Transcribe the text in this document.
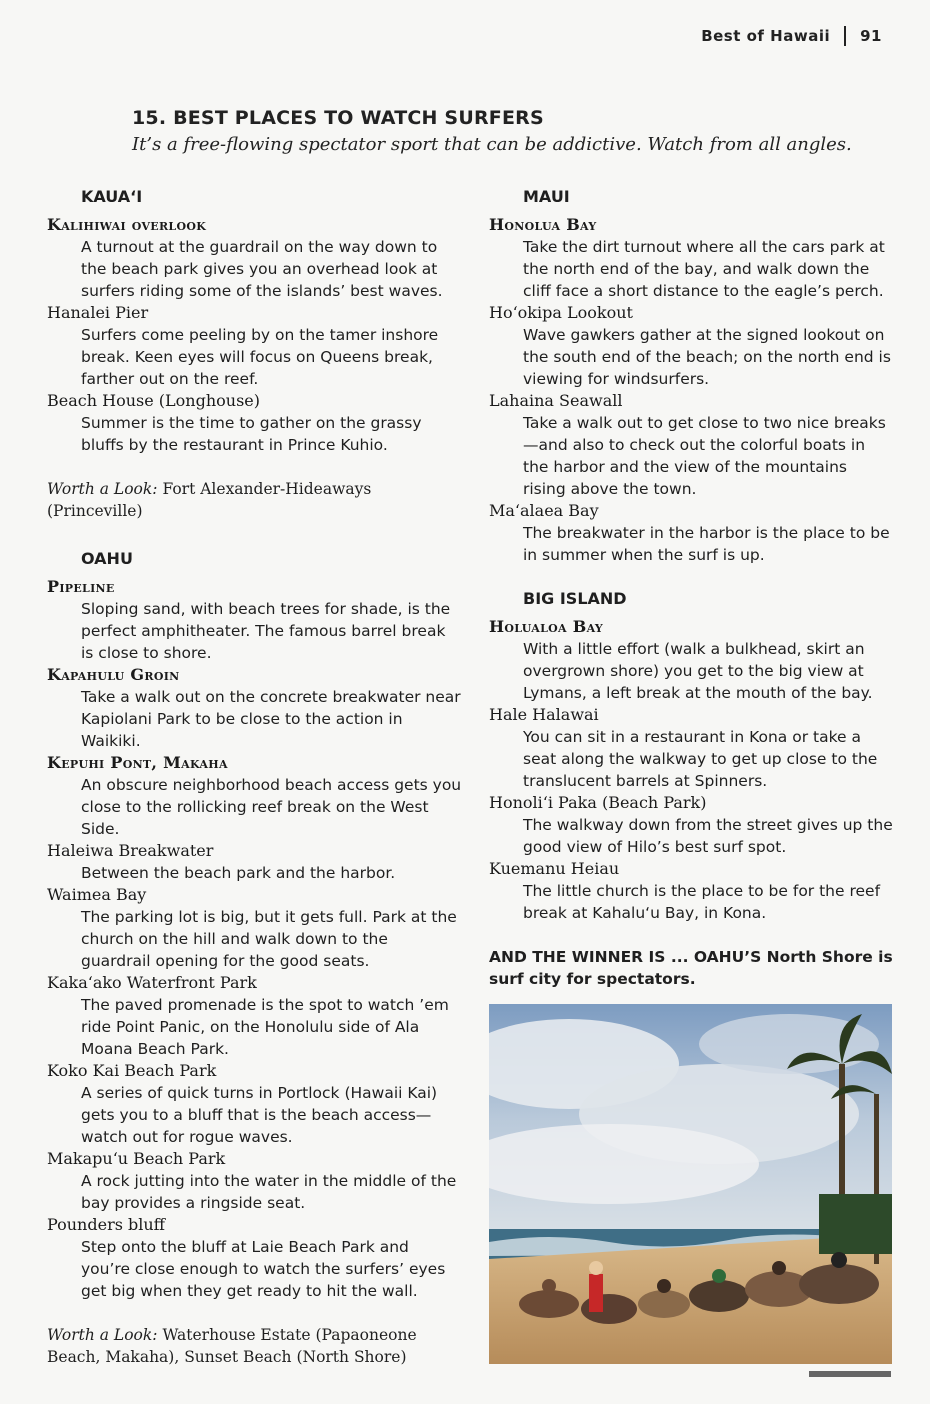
Best of Hawaii 91
15. BEST PLACES TO WATCH SURFERS
It’s a free-flowing spectator sport that can be addictive. Watch from all angles.
KAUA‘I
Kalihiwai overlook
A turnout at the guardrail on the way down to the beach park gives you an overhead look at surfers riding some of the islands’ best waves.
Hanalei Pier
Surfers come peeling by on the tamer inshore break. Keen eyes will focus on Queens break, farther out on the reef.
Beach House (Longhouse)
Summer is the time to gather on the grassy bluffs by the restaurant in Prince Kuhio.
Worth a Look: Fort Alexander-Hideaways (Princeville)
OAHU
Pipeline
Sloping sand, with beach trees for shade, is the perfect amphitheater. The famous barrel break is close to shore.
Kapahulu Groin
Take a walk out on the concrete breakwater near Kapiolani Park to be close to the action in Waikiki.
Kepuhi Pont, Makaha
An obscure neighborhood beach access gets you close to the rollicking reef break on the West Side.
Haleiwa Breakwater
Between the beach park and the harbor.
Waimea Bay
The parking lot is big, but it gets full. Park at the church on the hill and walk down to the guardrail opening for the good seats.
Kaka‘ako Waterfront Park
The paved promenade is the spot to watch ’em ride Point Panic, on the Honolulu side of Ala Moana Beach Park.
Koko Kai Beach Park
A series of quick turns in Portlock (Hawaii Kai) gets you to a bluff that is the beach access—watch out for rogue waves.
Makapu‘u Beach Park
A rock jutting into the water in the middle of the bay provides a ringside seat.
Pounders bluff
Step onto the bluff at Laie Beach Park and you’re close enough to watch the surfers’ eyes get big when they get ready to hit the wall.
Worth a Look: Waterhouse Estate (Papaoneone Beach, Makaha), Sunset Beach (North Shore)
MAUI
Honolua Bay
Take the dirt turnout where all the cars park at the north end of the bay, and walk down the cliff face a short distance to the eagle’s perch.
Ho‘okipa Lookout
Wave gawkers gather at the signed lookout on the south end of the beach; on the north end is viewing for windsurfers.
Lahaina Seawall
Take a walk out to get close to two nice breaks—and also to check out the colorful boats in the harbor and the view of the mountains rising above the town.
Ma‘alaea Bay
The breakwater in the harbor is the place to be in summer when the surf is up.
BIG ISLAND
Holualoa Bay
With a little effort (walk a bulkhead, skirt an overgrown shore) you get to the big view at Lymans, a left break at the mouth of the bay.
Hale Halawai
You can sit in a restaurant in Kona or take a seat along the walkway to get up close to the translucent barrels at Spinners.
Honoli‘i Paka (Beach Park)
The walkway down from the street gives up the good view of Hilo’s best surf spot.
Kuemanu Heiau
The little church is the place to be for the reef break at Kahalu‘u Bay, in Kona.
AND THE WINNER IS ... OAHU’S North Shore is surf city for spectators.
